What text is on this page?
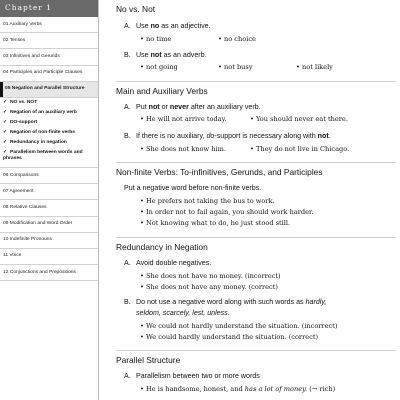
Chapter 1
01 Auxiliary Verbs
02 Tenses
03 Infinitives and Gerunds
04 Participles and Participle Clauses
05 Negation and Parallel Structure
✓ NO vs. NOT
✓ Negation of an auxiliary verb
✓ DO-support
✓ Negation of non-finite verbs
✓ Redundancy in negation
✓ Parallelism between words and phrases
06 Comparisons
07 Agreement
08 Relative Clauses
09 Modification and Word Order
10 Indefinite Pronouns
11 Voice
12 Conjunctions and Prepositions
No vs. Not
A. Use no as an adjective.
• no time	• no choice
B. Use not as an adverb.
• not going	• not busy	• not likely
Main and Auxiliary Verbs
A. Put not or never after an auxiliary verb.
• He will not arrive today.	• You should never eat there.
B. If there is no auxiliary, do-support is necessary along with not.
• She does not know him.	• They do not live in Chicago.
Non-finite Verbs: To-infinitives, Gerunds, and Participles
Put a negative word before non-finite verbs.
• He prefers not taking the bus to work.
• In order not to fail again, you should work harder.
• Not knowing what to do, he just stood still.
Redundancy in Negation
A. Avoid double negatives.
• She does not have no money. (incorrect)
• She does not have any money. (correct)
B. Do not use a negative word along with such words as hardly,
seldom, scarcely, lest, unless.
• We could not hardly understand the situation. (incorrect)
• We could hardly understand the situation. (correct)
Parallel Structure
A. Parallelism between two or more words
• He is handsome, honest, and has a lot of money. (→ rich)
